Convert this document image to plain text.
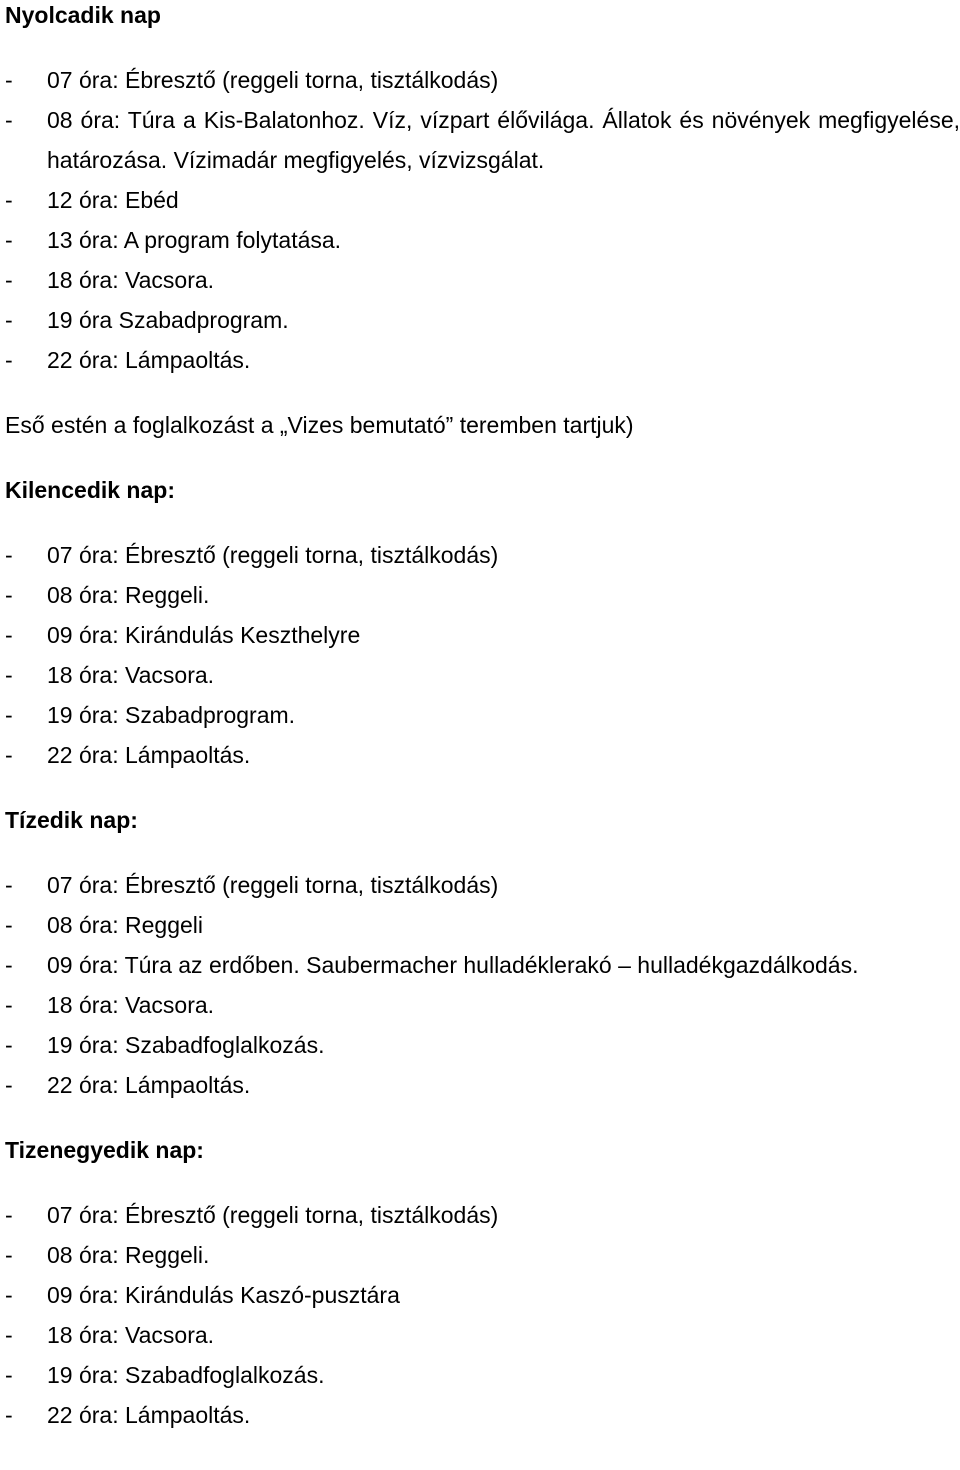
Nyolcadik nap
- 07 óra: Ébresztő (reggeli torna, tisztálkodás)
- 08 óra: Túra a Kis-Balatonhoz. Víz, vízpart élővilága. Állatok és növények megfigyelése, határozása. Vízimadár megfigyelés, vízvizsgálat.
- 12 óra: Ebéd
- 13 óra: A program folytatása.
- 18 óra: Vacsora.
- 19 óra Szabadprogram.
- 22 óra: Lámpaoltás.
Eső estén a foglalkozást a „Vizes bemutató” teremben tartjuk)
Kilencedik nap:
- 07 óra: Ébresztő (reggeli torna, tisztálkodás)
- 08 óra: Reggeli.
- 09 óra: Kirándulás Keszthelyre
- 18 óra: Vacsora.
- 19 óra: Szabadprogram.
- 22 óra: Lámpaoltás.
Tízedik nap:
- 07 óra: Ébresztő (reggeli torna, tisztálkodás)
- 08 óra: Reggeli
- 09 óra: Túra az erdőben. Saubermacher hulladéklerakó – hulladékgazdálkodás.
- 18 óra: Vacsora.
- 19 óra: Szabadfoglalkozás.
- 22 óra: Lámpaoltás.
Tizenegyedik nap:
- 07 óra: Ébresztő (reggeli torna, tisztálkodás)
- 08 óra: Reggeli.
- 09 óra: Kirándulás Kaszó-pusztára
- 18 óra: Vacsora.
- 19 óra: Szabadfoglalkozás.
- 22 óra: Lámpaoltás.
